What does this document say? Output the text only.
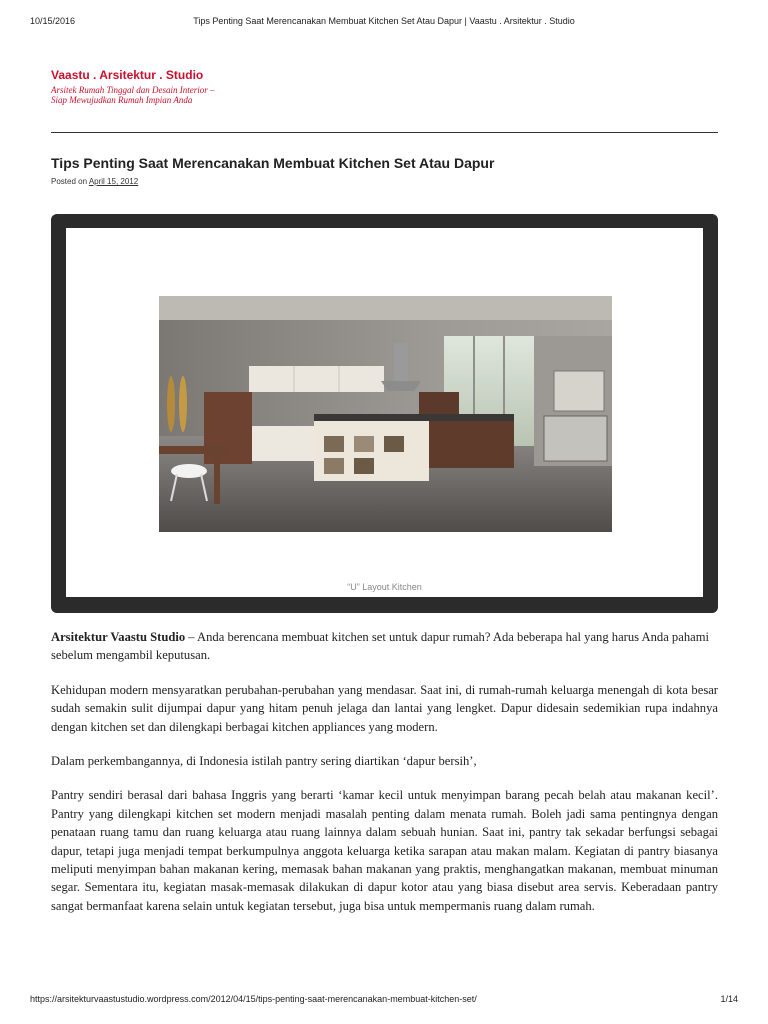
10/15/2016	Tips Penting Saat Merencanakan Membuat Kitchen Set Atau Dapur | Vaastu . Arsitektur . Studio
Vaastu . Arsitektur . Studio
Arsitek Rumah Tinggal dan Desain Interior – Siap Mewujudkan Rumah Impian Anda
Tips Penting Saat Merencanakan Membuat Kitchen Set Atau Dapur
Posted on April 15, 2012
“U” Layout Kitchen

Arsitektur Vaastu Studio – Anda berencana membuat kitchen set untuk dapur rumah? Ada beberapa hal yang harus Anda pahami sebelum mengambil keputusan.

Kehidupan modern mensyaratkan perubahan-perubahan yang mendasar. Saat ini, di rumah-rumah keluarga menengah di kota besar sudah semakin sulit dijumpai dapur yang hitam penuh jelaga dan lantai yang lengket. Dapur didesain sedemikian rupa indahnya dengan kitchen set dan dilengkapi berbagai kitchen appliances yang modern.

Dalam perkembangannya, di Indonesia istilah pantry sering diartikan ‘dapur bersih’,

Pantry sendiri berasal dari bahasa Inggris yang berarti ‘kamar kecil untuk menyimpan barang pecah belah atau makanan kecil’. Pantry yang dilengkapi kitchen set modern menjadi masalah penting dalam menata rumah. Boleh jadi sama pentingnya dengan penataan ruang tamu dan ruang keluarga atau ruang lainnya dalam sebuah hunian. Saat ini, pantry tak sekadar berfungsi sebagai dapur, tetapi juga menjadi tempat berkumpulnya anggota keluarga ketika sarapan atau makan malam. Kegiatan di pantry biasanya meliputi menyimpan bahan makanan kering, memasak bahan makanan yang praktis, menghangatkan makanan, membuat minuman segar. Sementara itu, kegiatan masak-memasak dilakukan di dapur kotor atau yang biasa disebut area servis. Keberadaan pantry sangat bermanfaat karena selain untuk kegiatan tersebut, juga bisa untuk mempermanis ruang dalam rumah.

https://arsitekturvaastustudio.wordpress.com/2012/04/15/tips-penting-saat-merencanakan-membuat-kitchen-set/	1/14
